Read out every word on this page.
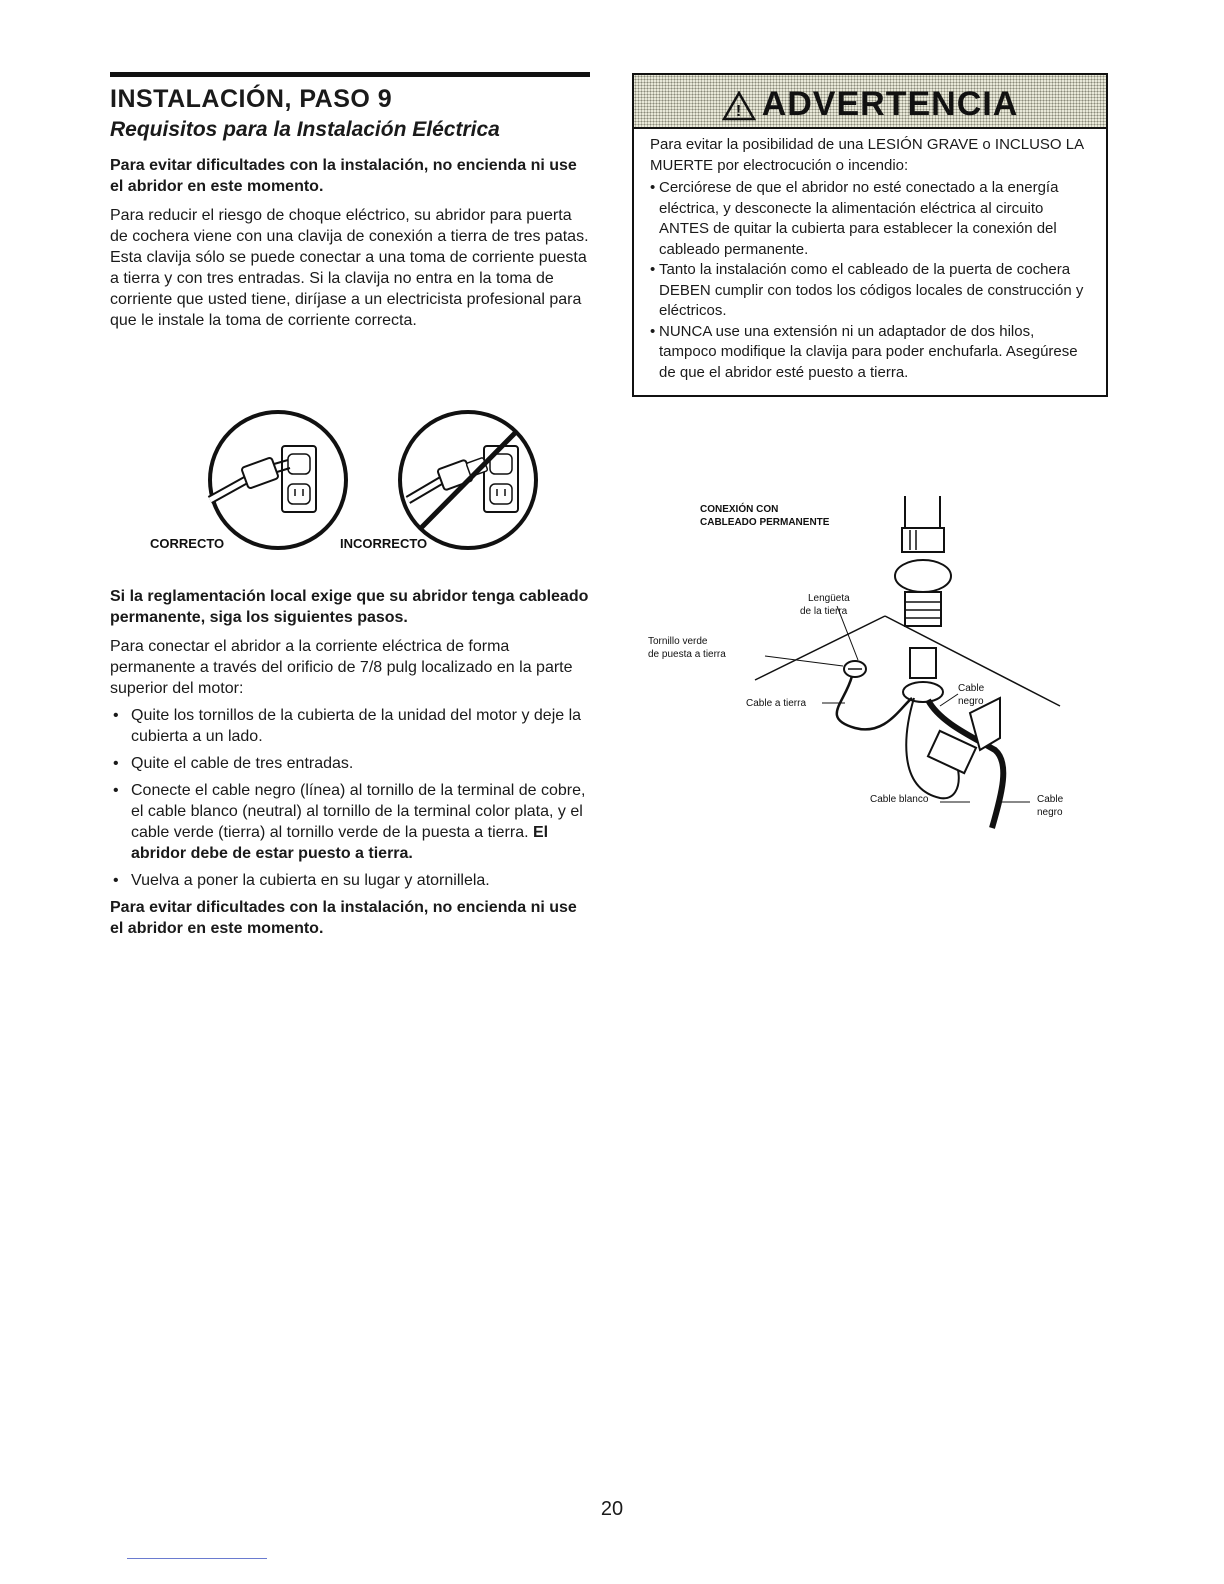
INSTALACIÓN, PASO 9
Requisitos para la Instalación Eléctrica

Para evitar dificultades con la instalación, no encienda ni use el abridor en este momento.

Para reducir el riesgo de choque eléctrico, su abridor para puerta de cochera viene con una clavija de conexión a tierra de tres patas. Esta clavija sólo se puede conectar a una toma de corriente puesta a tierra y con tres entradas. Si la clavija no entra en la toma de corriente que usted tiene, diríjase a un electricista profesional para que le instale la toma de corriente correcta.

CORRECTO	INCORRECTO

Si la reglamentación local exige que su abridor tenga cableado permanente, siga los siguientes pasos.

Para conectar el abridor a la corriente eléctrica de forma permanente a través del orificio de 7/8 pulg localizado en la parte superior del motor:

• Quite los tornillos de la cubierta de la unidad del motor y deje la cubierta a un lado.
• Quite el cable de tres entradas.
• Conecte el cable negro (línea) al tornillo de la terminal de cobre, el cable blanco (neutral) al tornillo de la terminal color plata, y el cable verde (tierra) al tornillo verde de la puesta a tierra. El abridor debe de estar puesto a tierra.
• Vuelva a poner la cubierta en su lugar y atornillela.

Para evitar dificultades con la instalación, no encienda ni use el abridor en este momento.

! ADVERTENCIA

Para evitar la posibilidad de una LESIÓN GRAVE o INCLUSO LA MUERTE por electrocución o incendio:

• Cerciórese de que el abridor no esté conectado a la energía eléctrica, y desconecte la alimentación eléctrica al circuito ANTES de quitar la cubierta para establecer la conexión del cableado permanente.
• Tanto la instalación como el cableado de la puerta de cochera DEBEN cumplir con todos los códigos locales de construcción y eléctricos.
• NUNCA use una extensión ni un adaptador de dos hilos, tampoco modifique la clavija para poder enchufarla. Asegúrese de que el abridor esté puesto a tierra.
CONEXIÓN CON
CABLEADO PERMANENTE
Lengüeta
de la tierra
Tornillo verde
de puesta a tierra
Cable a tierra
Cable
negro
Cable blanco	Cable
negro
20
